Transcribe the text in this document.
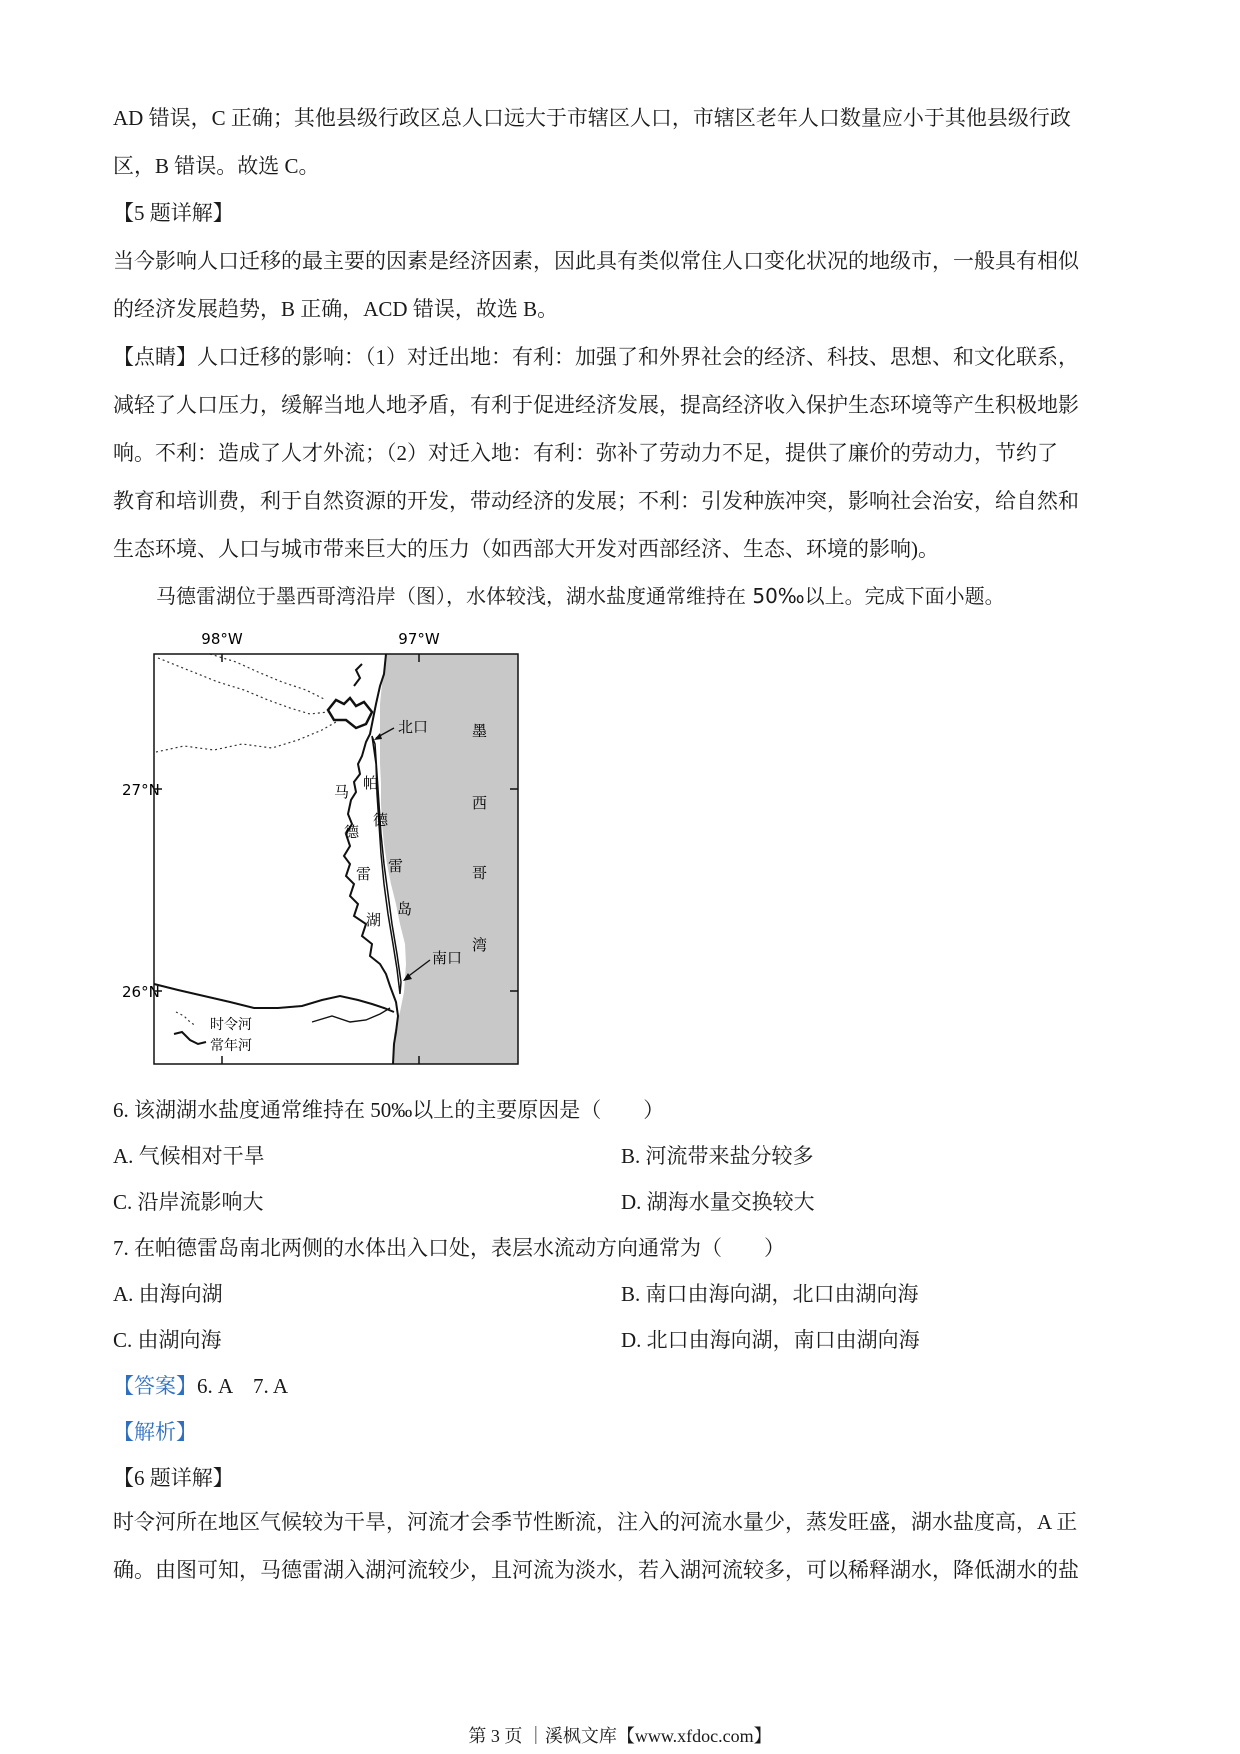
AD 错误，C 正确；其他县级行政区总人口远大于市辖区人口，市辖区老年人口数量应小于其他县级行政

区，B 错误。故选 C。

【5 题详解】

当今影响人口迁移的最主要的因素是经济因素，因此具有类似常住人口变化状况的地级市，一般具有相似

的经济发展趋势，B 正确，ACD 错误，故选 B。

【点睛】人口迁移的影响：（1）对迁出地：有利：加强了和外界社会的经济、科技、思想、和文化联系，

减轻了人口压力，缓解当地人地矛盾，有利于促进经济发展，提高经济收入保护生态环境等产生积极地影

响。不利：造成了人才外流；（2）对迁入地：有利：弥补了劳动力不足，提供了廉价的劳动力，节约了

教育和培训费，利于自然资源的开发，带动经济的发展；不利：引发种族冲突，影响社会治安，给自然和

生态环境、人口与城市带来巨大的压力（如西部大开发对西部经济、生态、环境的影响)。

马德雷湖位于墨西哥湾沿岸（图），水体较浅，湖水盐度通常维持在 50‰以上。完成下面小题。
98°W	97°W
27°N
26°N
北口
南口
墨
西
哥
湾
帕
德
雷
岛
马
德
雷
湖
时令河
常年河
6. 该湖湖水盐度通常维持在 50‰以上的主要原因是（　　）
A. 气候相对干旱	B. 河流带来盐分较多
C. 沿岸流影响大	D. 湖海水量交换较大
7. 在帕德雷岛南北两侧的水体出入口处，表层水流动方向通常为（　　）
A. 由海向湖	B. 南口由海向湖，北口由湖向海
C. 由湖向海	D. 北口由海向湖，南口由湖向海
【答案】6. A　7. A
【解析】
【6 题详解】

时令河所在地区气候较为干旱，河流才会季节性断流，注入的河流水量少，蒸发旺盛，湖水盐度高，A 正

确。由图可知，马德雷湖入湖河流较少，且河流为淡水，若入湖河流较多，可以稀释湖水，降低湖水的盐

第 3 页 ｜溪枫文库【www.xfdoc.com】
